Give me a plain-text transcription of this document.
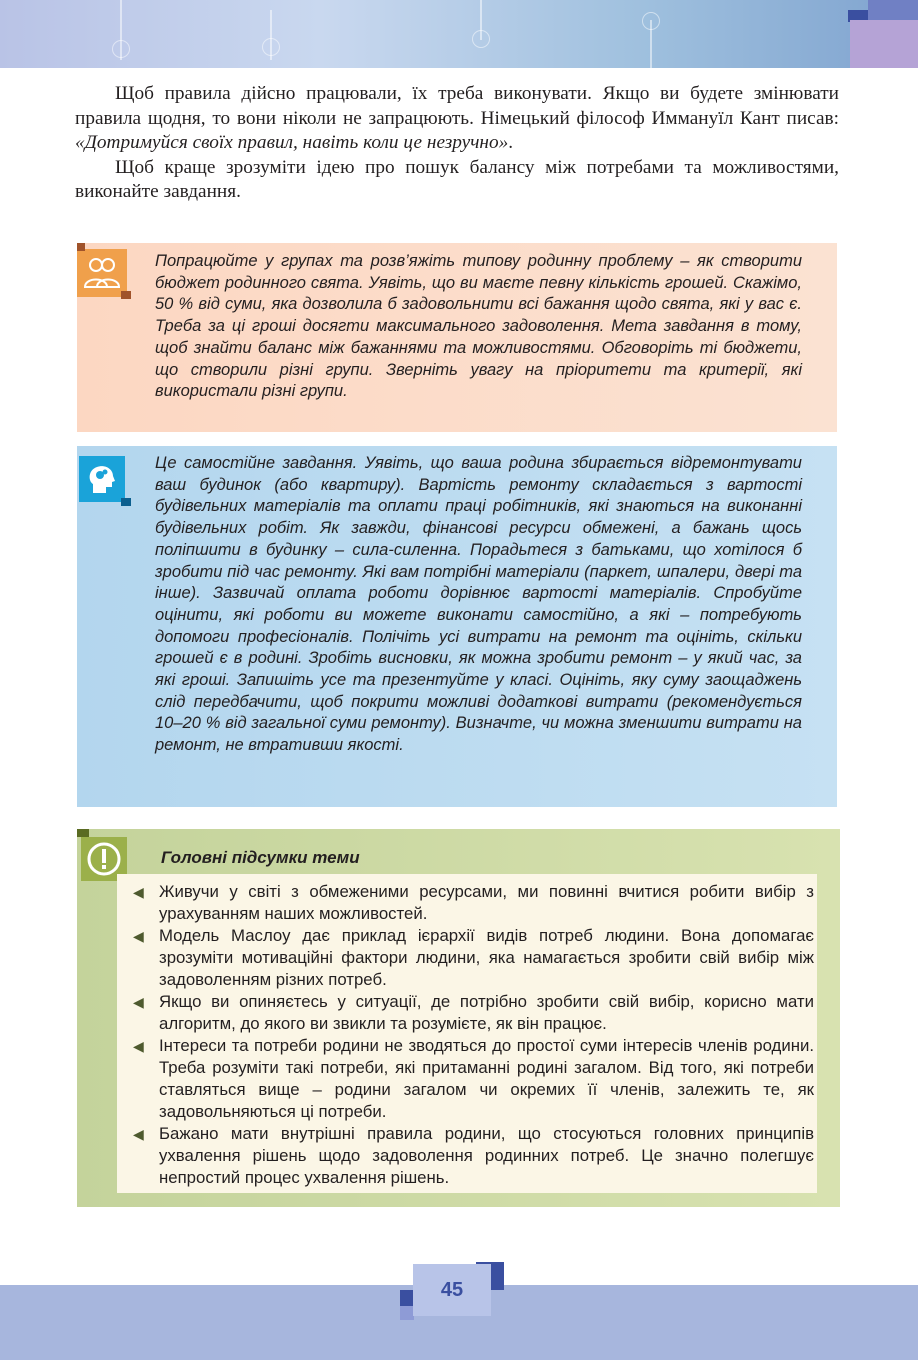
Щоб правила дійсно працювали, їх треба виконувати. Якщо ви будете змінювати правила щодня, то вони ніколи не запрацюють. Німецький філософ Иммануїл Кант писав: «Дотримуйся своїх правил, навіть коли це незручно».

Щоб краще зрозуміти ідею про пошук балансу між потребами та можливостями, виконайте завдання.

Попрацюйте у групах та розв’яжіть типову родинну проблему – як створити бюджет родинного свята. Уявіть, що ви маєте певну кількість грошей. Скажімо, 50 % від суми, яка дозволила б задовольнити всі бажання щодо свята, які у вас є. Треба за ці гроші досягти максимального задоволення. Мета завдання в тому, щоб знайти баланс між бажаннями та можливостями. Обговоріть ті бюджети, що створили різні групи. Зверніть увагу на пріоритети та критерії, які використали різні групи.
Це самостійне завдання. Уявіть, що ваша родина збирається відремонтувати ваш будинок (або квартиру). Вартість ремонту складається з вартості будівельних матеріалів та оплати праці робітників, які знаються на виконанні будівельних робіт. Як завжди, фінансові ресурси обмежені, а бажань щось поліпшити в будинку – сила-силенна. Порадьтеся з батьками, що хотілося б зробити під час ремонту. Які вам потрібні матеріали (паркет, шпалери, двері та інше). Зазвичай оплата роботи дорівнює вартості матеріалів. Спробуйте оцінити, які роботи ви можете виконати самостійно, а які – потребують допомоги професіоналів. Полічіть усі витрати на ремонт та оцініть, скільки грошей є в родині. Зробіть висновки, як можна зробити ремонт – у який час, за які гроші. Запишіть усе та презентуйте у класі. Оцініть, яку суму заощаджень слід передбачити, щоб покрити можливі додаткові витрати (рекомендується 10–20 % від загальної суми ремонту). Визначте, чи можна зменшити витрати на ремонт, не втративши якості.
Головні підсумки теми
◀ Живучи у світі з обмеженими ресурсами, ми повинні вчитися робити вибір з урахуванням наших можливостей.
◀ Модель Маслоу дає приклад ієрархії видів потреб людини. Вона допомагає зрозуміти мотиваційні фактори людини, яка намагається зробити свій вибір між задоволенням різних потреб.
◀ Якщо ви опиняєтесь у ситуації, де потрібно зробити свій вибір, корисно мати алгоритм, до якого ви звикли та розумієте, як він працює.
◀ Інтереси та потреби родини не зводяться до простої суми інтересів членів родини. Треба розуміти такі потреби, які притаманні родині загалом. Від того, які потреби ставляться вище – родини загалом чи окремих її членів, залежить те, як задовольняються ці потреби.
◀ Бажано мати внутрішні правила родини, що стосуються головних принципів ухвалення рішень щодо задоволення родинних потреб. Це значно полегшує непростий процес ухвалення рішень.
45
